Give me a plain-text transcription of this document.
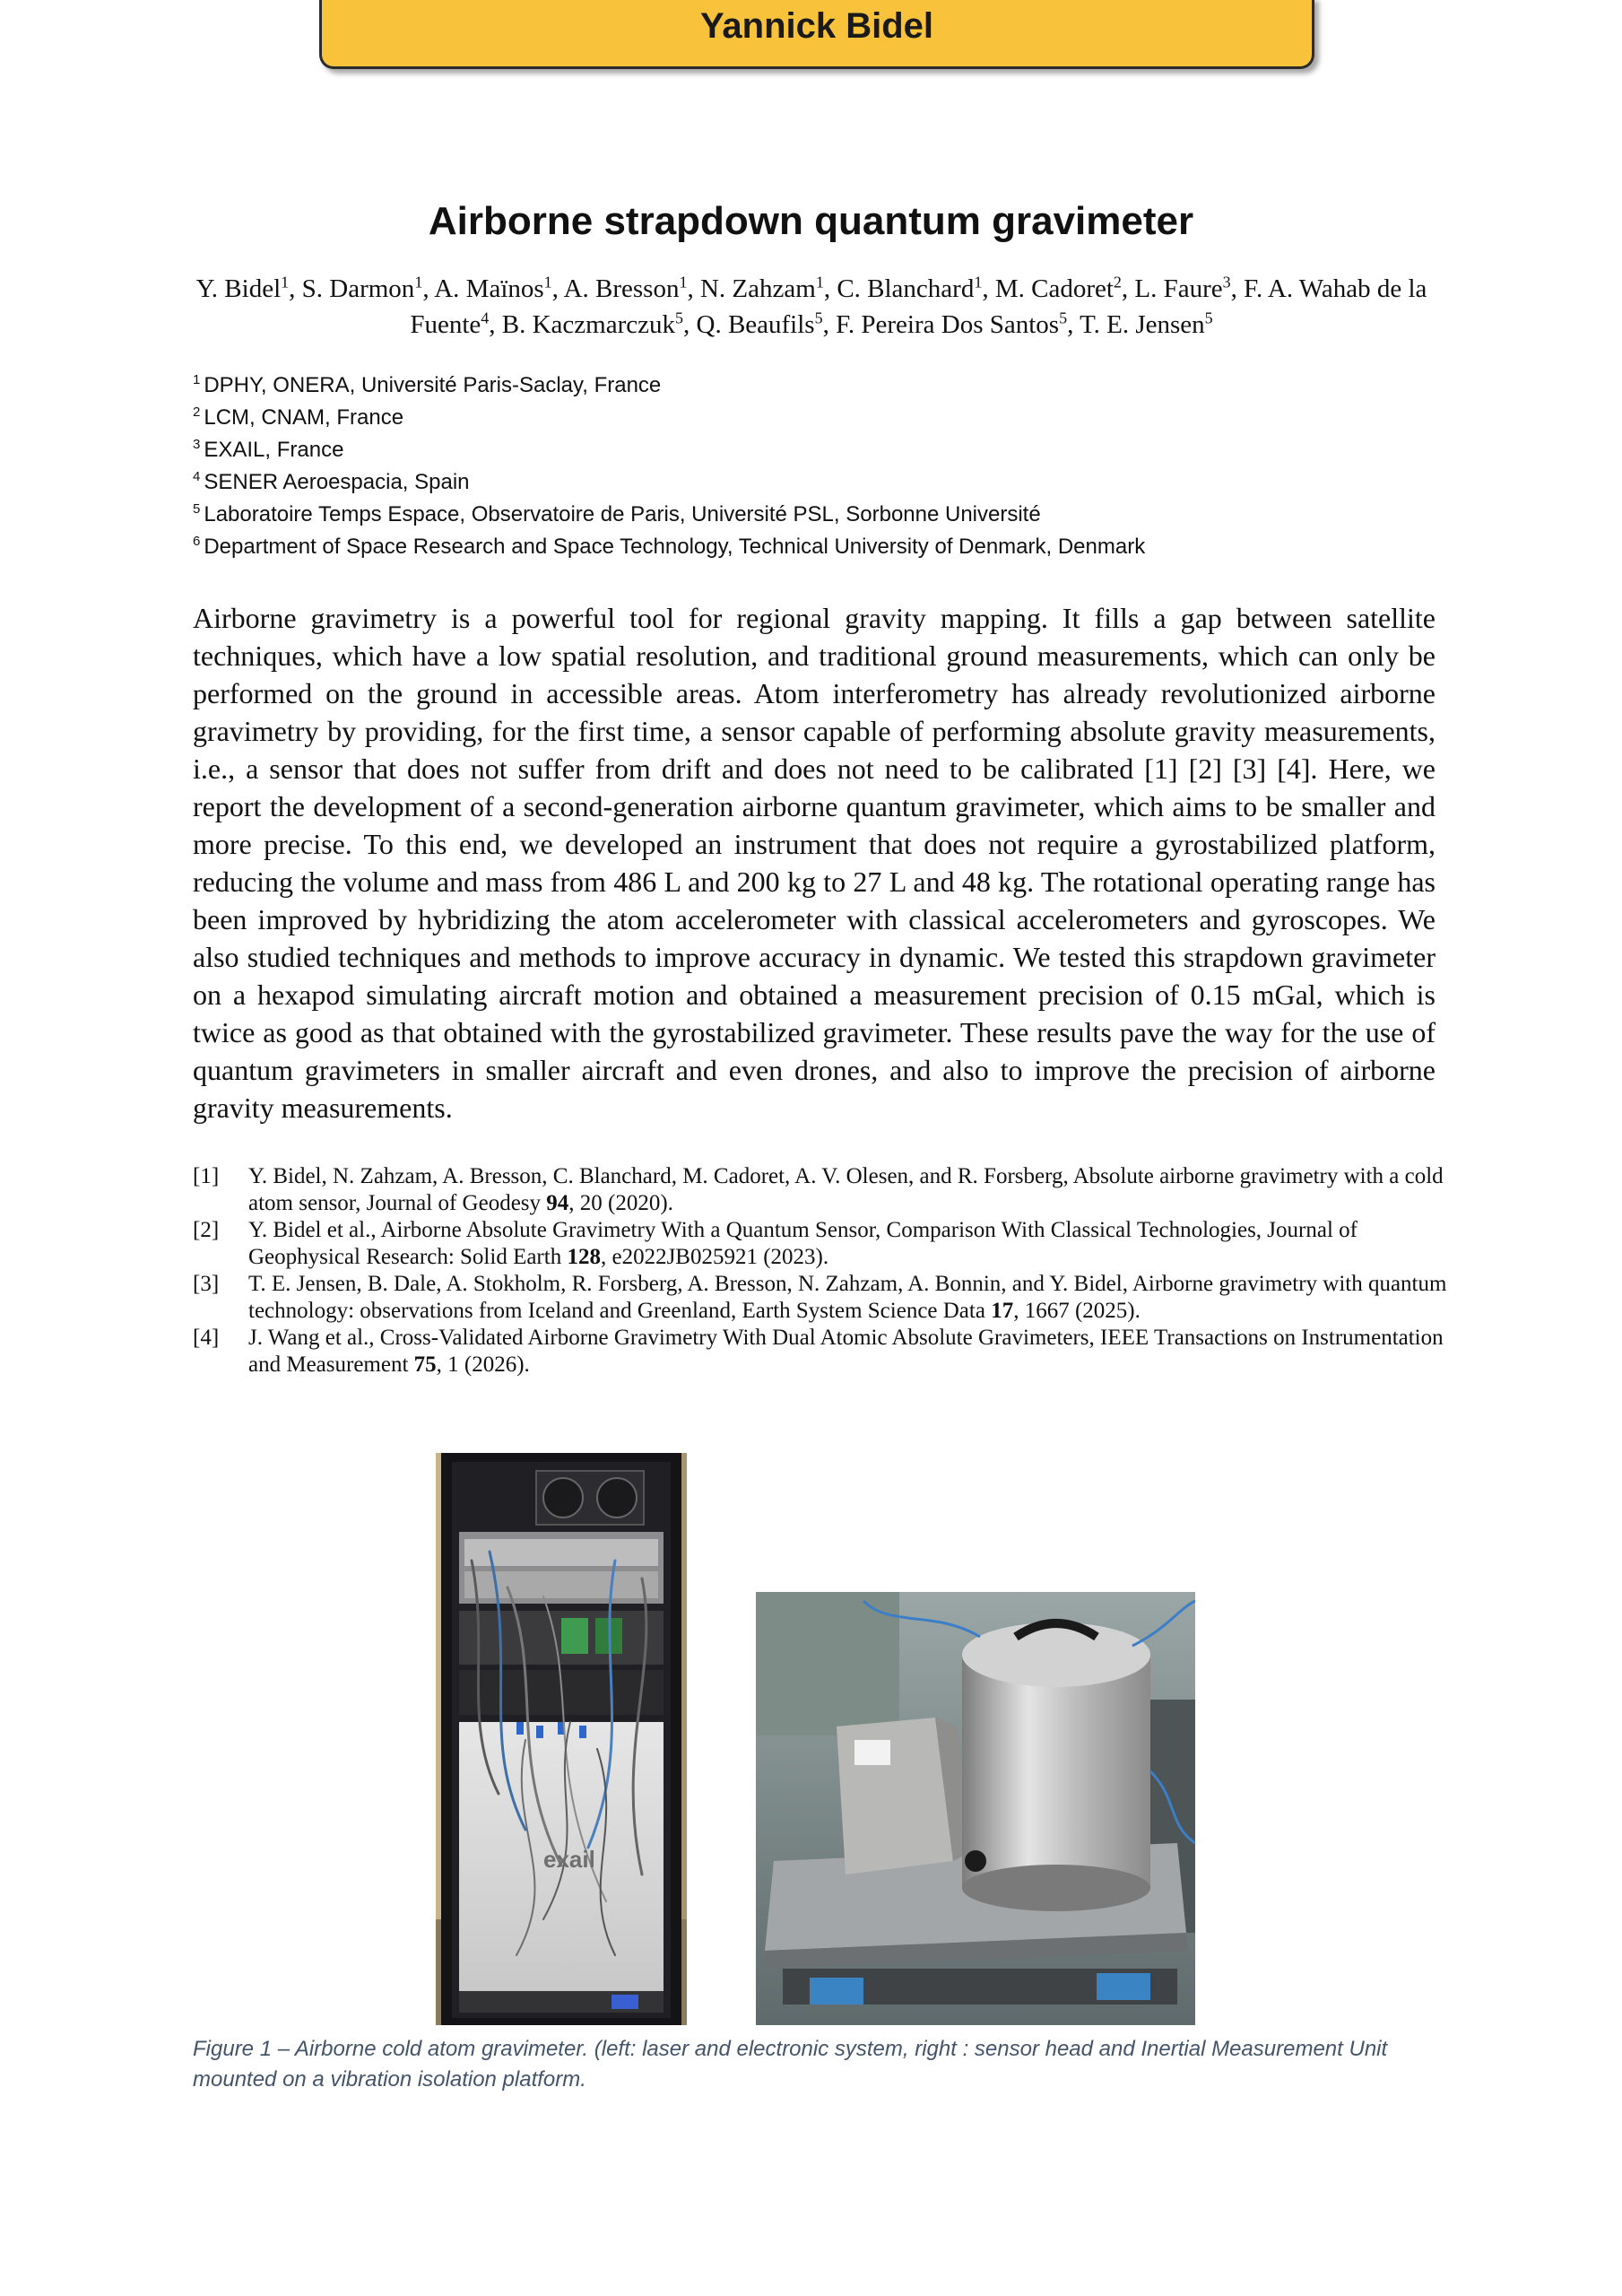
Yannick Bidel
Airborne strapdown quantum gravimeter
Y. Bidel$^1$, S. Darmon$^1$, A. Maïnos$^1$, A. Bresson$^1$, N. Zahzam$^1$, C. Blanchard$^1$, M. Cadoret$^2$, L. Faure$^3$, F. A. Wahab de la Fuente$^4$, B. Kaczmarczuk$^5$, Q. Beaufils$^5$, F. Pereira Dos Santos$^5$, T. E. Jensen$^5$
$^1$ DPHY, ONERA, Université Paris-Saclay, France
$^2$ LCM, CNAM, France
$^3$ EXAIL, France
$^4$ SENER Aeroespacia, Spain
$^5$ Laboratoire Temps Espace, Observatoire de Paris, Université PSL, Sorbonne Université
$^6$ Department of Space Research and Space Technology, Technical University of Denmark, Denmark
Airborne gravimetry is a powerful tool for regional gravity mapping. It fills a gap between satellite techniques, which have a low spatial resolution, and traditional ground measurements, which can only be performed on the ground in accessible areas. Atom interferometry has already revolutionized airborne gravimetry by providing, for the first time, a sensor capable of performing absolute gravity measurements, i.e., a sensor that does not suffer from drift and does not need to be calibrated [1] [2] [3] [4]. Here, we report the development of a second-generation airborne quantum gravimeter, which aims to be smaller and more precise. To this end, we developed an instrument that does not require a gyrostabilized platform, reducing the volume and mass from 486 L and 200 kg to 27 L and 48 kg. The rotational operating range has been improved by hybridizing the atom accelerometer with classical accelerometers and gyroscopes. We also studied techniques and methods to improve accuracy in dynamic. We tested this strapdown gravimeter on a hexapod simulating aircraft motion and obtained a measurement precision of 0.15 mGal, which is twice as good as that obtained with the gyrostabilized gravimeter. These results pave the way for the use of quantum gravimeters in smaller aircraft and even drones, and also to improve the precision of airborne gravity measurements.
[1]	Y. Bidel, N. Zahzam, A. Bresson, C. Blanchard, M. Cadoret, A. V. Olesen, and R. Forsberg, Absolute airborne gravimetry with a cold atom sensor, Journal of Geodesy 94, 20 (2020).
[2]	Y. Bidel et al., Airborne Absolute Gravimetry With a Quantum Sensor, Comparison With Classical Technologies, Journal of Geophysical Research: Solid Earth 128, e2022JB025921 (2023).
[3]	T. E. Jensen, B. Dale, A. Stokholm, R. Forsberg, A. Bresson, N. Zahzam, A. Bonnin, and Y. Bidel, Airborne gravimetry with quantum technology: observations from Iceland and Greenland, Earth System Science Data 17, 1667 (2025).
[4]	J. Wang et al., Cross-Validated Airborne Gravimetry With Dual Atomic Absolute Gravimeters, IEEE Transactions on Instrumentation and Measurement 75, 1 (2026).
exail
Figure 1 – Airborne cold atom gravimeter. (left: laser and electronic system, right : sensor head and Inertial Measurement Unit mounted on a vibration isolation platform.
